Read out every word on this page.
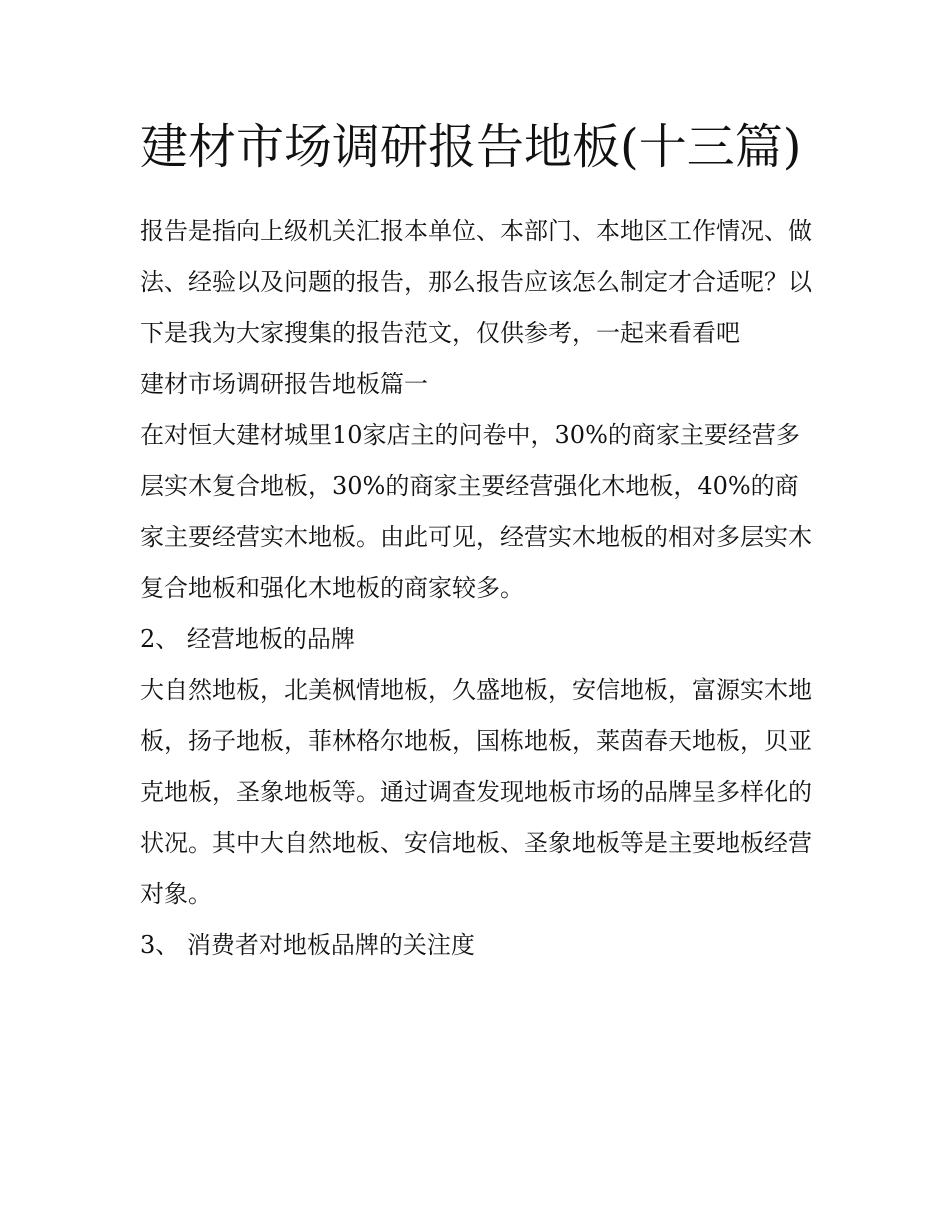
建材市场调研报告地板(十三篇)

报告是指向上级机关汇报本单位、本部门、本地区工作情况、做法、经验以及问题的报告，那么报告应该怎么制定才合适呢？以下是我为大家搜集的报告范文，仅供参考，一起来看看吧

建材市场调研报告地板篇一

在对恒大建材城里10家店主的问卷中，30%的商家主要经营多层实木复合地板，30%的商家主要经营强化木地板，40%的商家主要经营实木地板。由此可见，经营实木地板的相对多层实木复合地板和强化木地板的商家较多。

2、 经营地板的品牌

大自然地板，北美枫情地板，久盛地板，安信地板，富源实木地板，扬子地板，菲林格尔地板，国栋地板，莱茵春天地板，贝亚克地板，圣象地板等。通过调查发现地板市场的品牌呈多样化的状况。其中大自然地板、安信地板、圣象地板等是主要地板经营对象。

3、 消费者对地板品牌的关注度
